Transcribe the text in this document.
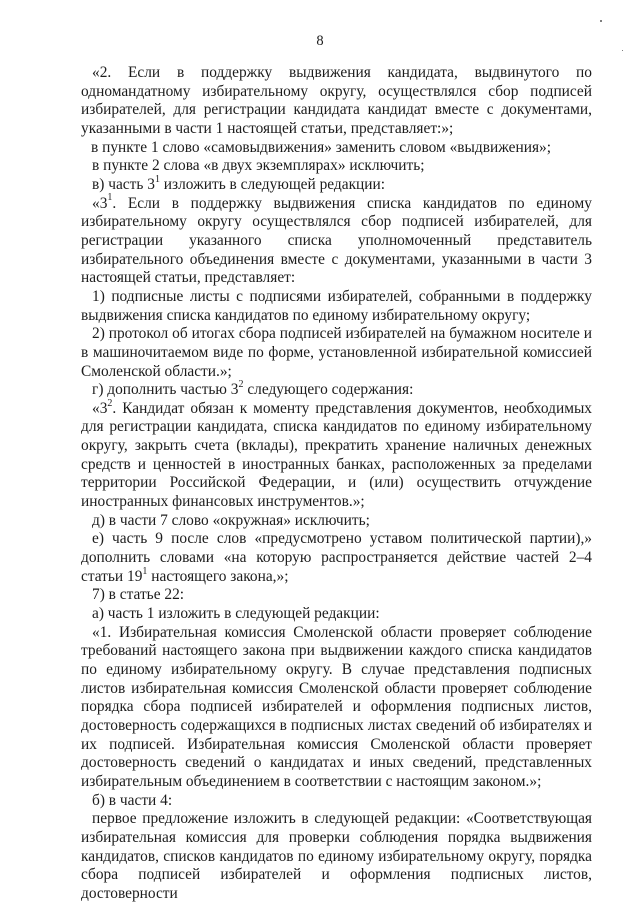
8

«2. Если в поддержку выдвижения кандидата, выдвинутого по одномандатному избирательному округу, осуществлялся сбор подписей избирателей, для регистрации кандидата кандидат вместе с документами, указанными в части 1 настоящей статьи, представляет:»;

в пункте 1 слово «самовыдвижения» заменить словом «выдвижения»;

в пункте 2 слова «в двух экземплярах» исключить;

в) часть $3^1$ изложить в следующей редакции:

«$3^1$. Если в поддержку выдвижения списка кандидатов по единому избирательному округу осуществлялся сбор подписей избирателей, для регистрации указанного списка уполномоченный представитель избирательного объединения вместе с документами, указанными в части 3 настоящей статьи, представляет:

1) подписные листы с подписями избирателей, собранными в поддержку выдвижения списка кандидатов по единому избирательному округу;

2) протокол об итогах сбора подписей избирателей на бумажном носителе и в машиночитаемом виде по форме, установленной избирательной комиссией Смоленской области.»;

г) дополнить частью $3^2$ следующего содержания:

«$3^2$. Кандидат обязан к моменту представления документов, необходимых для регистрации кандидата, списка кандидатов по единому избирательному округу, закрыть счета (вклады), прекратить хранение наличных денежных средств и ценностей в иностранных банках, расположенных за пределами территории Российской Федерации, и (или) осуществить отчуждение иностранных финансовых инструментов.»;

д) в части 7 слово «окружная» исключить;

е) часть 9 после слов «предусмотрено уставом политической партии),» дополнить словами «на которую распространяется действие частей 2–4 статьи $19^1$ настоящего закона,»;

7) в статье 22:

а) часть 1 изложить в следующей редакции:

«1. Избирательная комиссия Смоленской области проверяет соблюдение требований настоящего закона при выдвижении каждого списка кандидатов по единому избирательному округу. В случае представления подписных листов избирательная комиссия Смоленской области проверяет соблюдение порядка сбора подписей избирателей и оформления подписных листов, достоверность содержащихся в подписных листах сведений об избирателях и их подписей. Избирательная комиссия Смоленской области проверяет достоверность сведений о кандидатах и иных сведений, представленных избирательным объединением в соответствии с настоящим законом.»;

б) в части 4:

первое предложение изложить в следующей редакции: «Соответствующая избирательная комиссия для проверки соблюдения порядка выдвижения кандидатов, списков кандидатов по единому избирательному округу, порядка сбора подписей избирателей и оформления подписных листов, достоверности
